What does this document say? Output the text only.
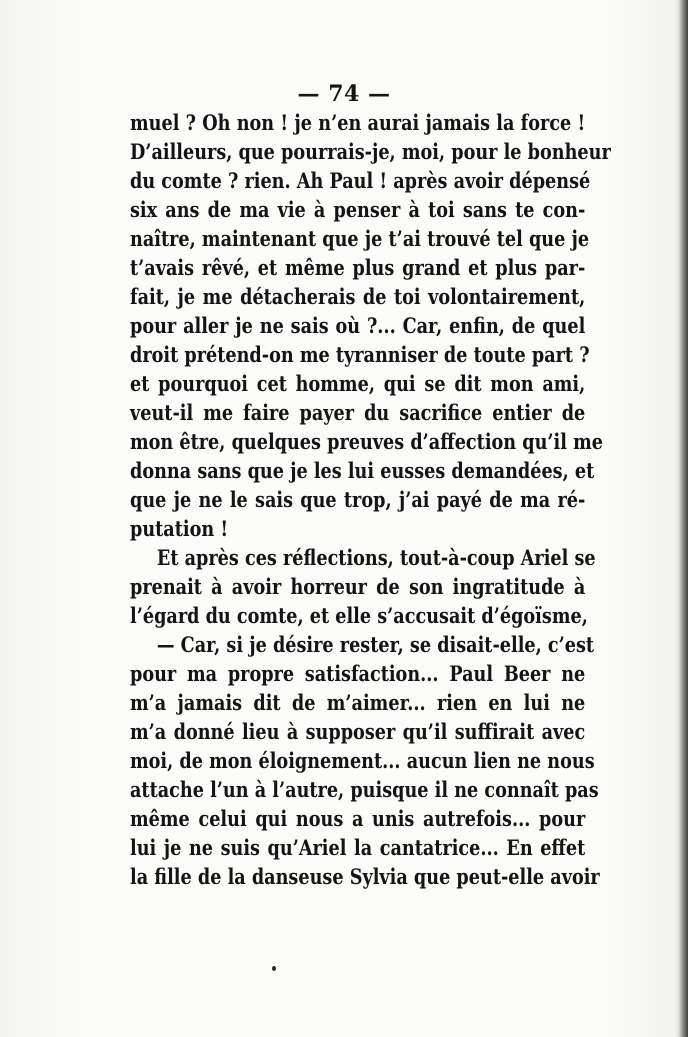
— 74 —
muel ? Oh non ! je n’en aurai jamais la force !
D’ailleurs, que pourrais-je, moi, pour le bonheur
du comte ? rien. Ah Paul ! après avoir dépensé
six ans de ma vie à penser à toi sans te con-
naître, maintenant que je t’ai trouvé tel que je
t’avais rêvé, et même plus grand et plus par-
fait, je me détacherais de toi volontairement,
pour aller je ne sais où ?... Car, enfin, de quel
droit prétend-on me tyranniser de toute part ?
et pourquoi cet homme, qui se dit mon ami,
veut-il me faire payer du sacrifice entier de
mon être, quelques preuves d’affection qu’il me
donna sans que je les lui eusses demandées, et
que je ne le sais que trop, j’ai payé de ma ré-
putation !
Et après ces réflections, tout-à-coup Ariel se
prenait à avoir horreur de son ingratitude à
l’égard du comte, et elle s’accusait d’égoïsme,
— Car, si je désire rester, se disait-elle, c’est
pour ma propre satisfaction... Paul Beer ne
m’a jamais dit de m’aimer... rien en lui ne
m’a donné lieu à supposer qu’il suffirait avec
moi, de mon éloignement... aucun lien ne nous
attache l’un à l’autre, puisque il ne connaît pas
même celui qui nous a unis autrefois... pour
lui je ne suis qu’Ariel la cantatrice... En effet
la fille de la danseuse Sylvia que peut-elle avoir
